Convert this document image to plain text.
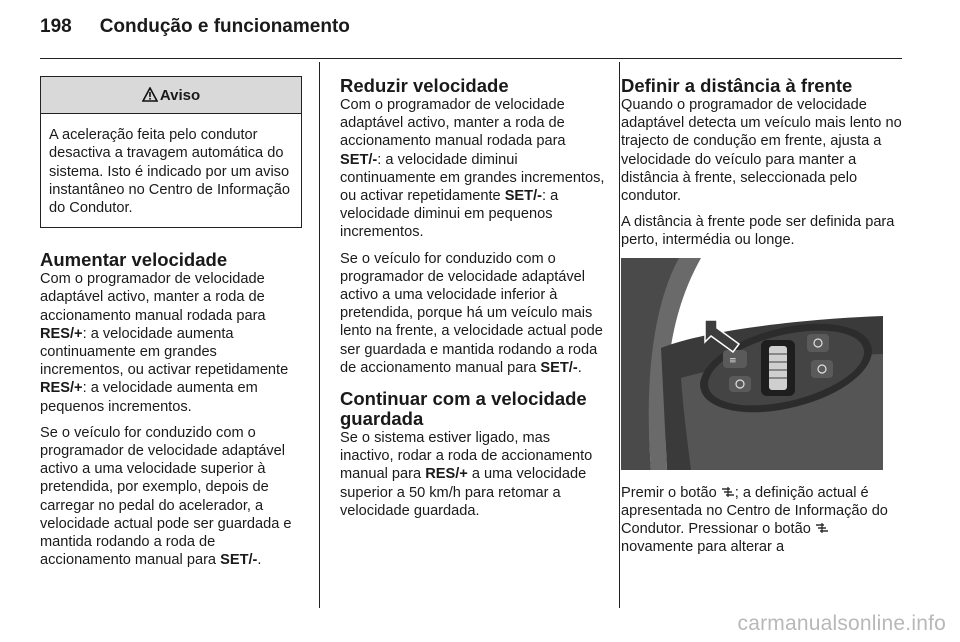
198 Condução e funcionamento
Aviso
A aceleração feita pelo condutor desactiva a travagem automática do sistema. Isto é indicado por um aviso instantâneo no Centro de Informação do Condutor.
Aumentar velocidade

Com o programador de velocidade adaptável activo, manter a roda de accionamento manual rodada para RES/+: a velocidade aumenta continuamente em grandes incrementos, ou activar repetidamente RES/+: a velocidade aumenta em pequenos incrementos.

Se o veículo for conduzido com o programador de velocidade adaptável activo a uma velocidade superior à pretendida, por exemplo, depois de carregar no pedal do acelerador, a velocidade actual pode ser guardada e mantida rodando a roda de accionamento manual para SET/-.

Reduzir velocidade

Com o programador de velocidade adaptável activo, manter a roda de accionamento manual rodada para SET/-: a velocidade diminui continuamente em grandes incrementos, ou activar repetidamente SET/-: a velocidade diminui em pequenos incrementos.

Se o veículo for conduzido com o programador de velocidade adaptável activo a uma velocidade inferior à pretendida, porque há um veículo mais lento na frente, a velocidade actual pode ser guardada e mantida rodando a roda de accionamento manual para SET/-.

Continuar com a velocidade guardada

Se o sistema estiver ligado, mas inactivo, rodar a roda de accionamento manual para RES/+ a uma velocidade superior a 50 km/h para retomar a velocidade guardada.

Definir a distância à frente

Quando o programador de velocidade adaptável detecta um veículo mais lento no trajecto de condução em frente, ajusta a velocidade do veículo para manter a distância à frente, seleccionada pelo condutor.

A distância à frente pode ser definida para perto, intermédia ou longe.

≡

Premir o botão ; a definição actual é apresentada no Centro de Informação do Condutor. Pressionar o botão  novamente para alterar a

carmanualsonline.info
